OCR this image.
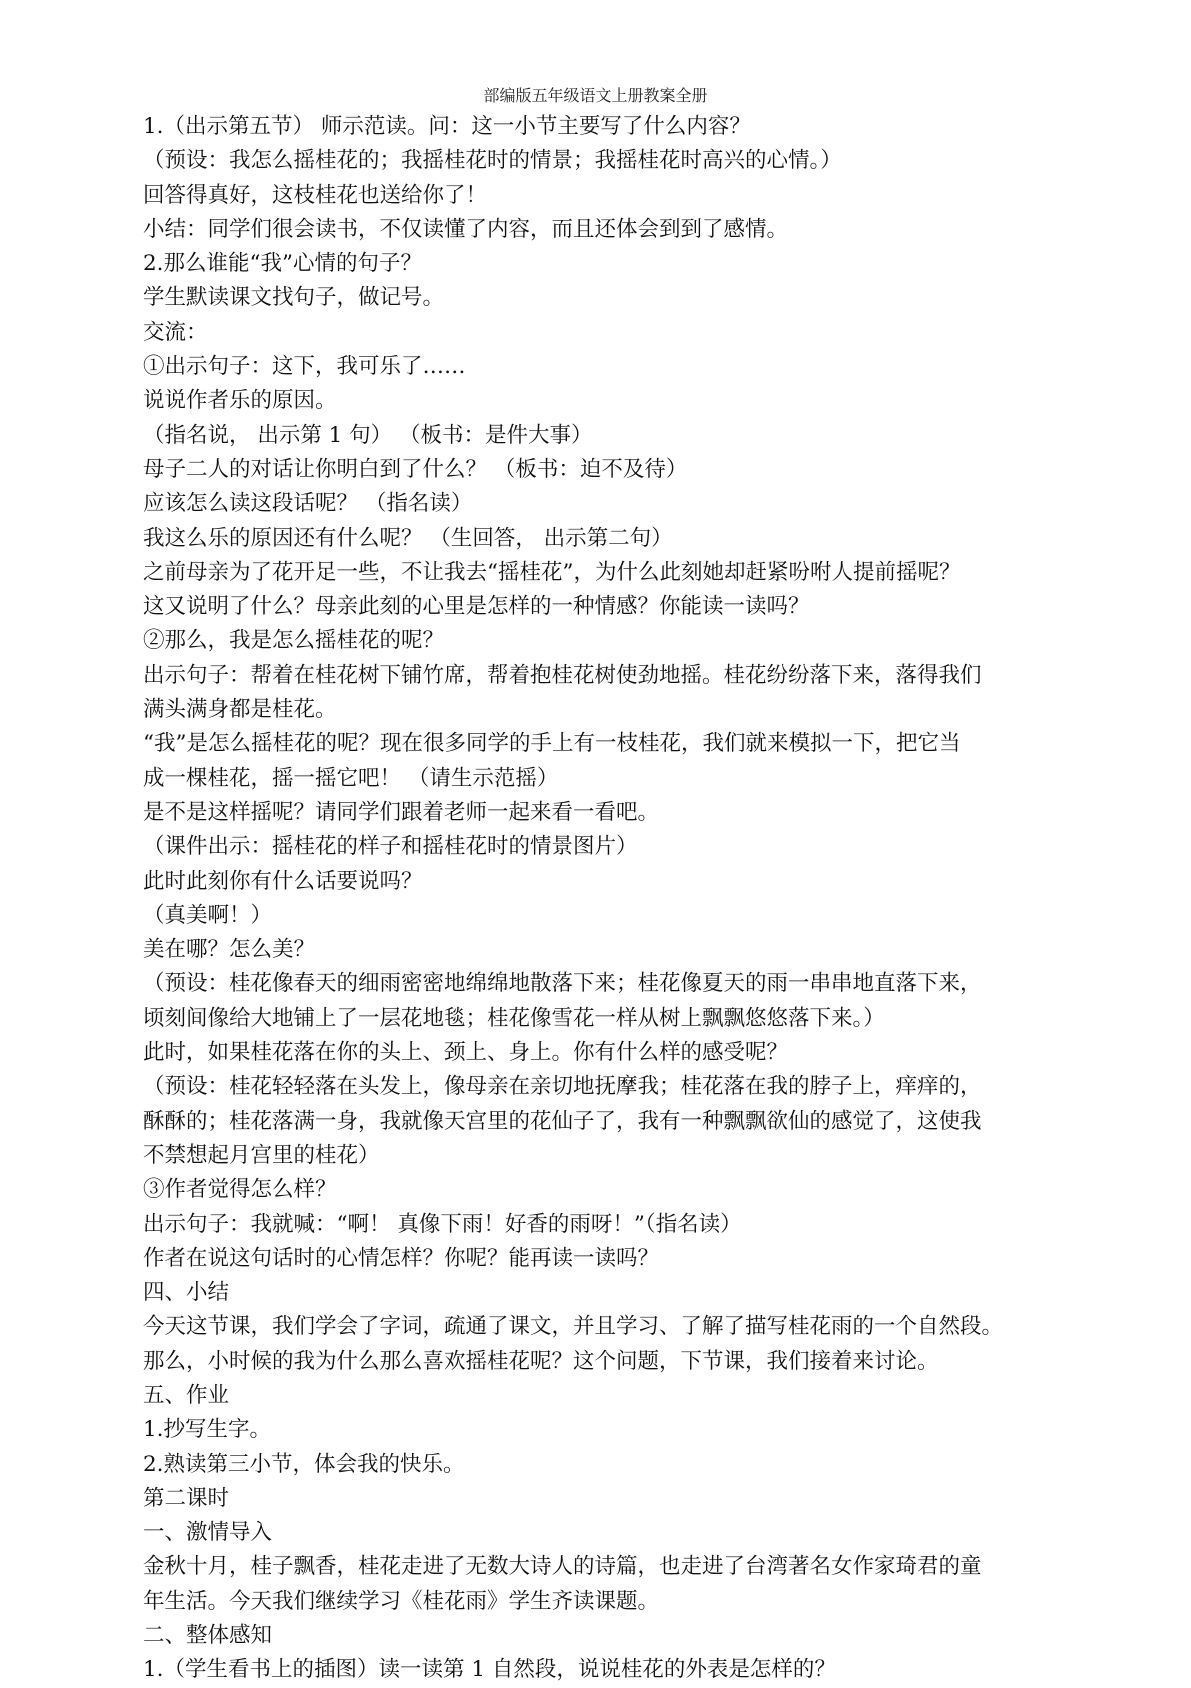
部编版五年级语文上册教案全册
1.（出示第五节） 师示范读。问：这一小节主要写了什么内容？
（预设：我怎么摇桂花的；我摇桂花时的情景；我摇桂花时高兴的心情。）
回答得真好，这枝桂花也送给你了！
小结：同学们很会读书，不仅读懂了内容，而且还体会到到了感情。
2.那么谁能“我”心情的句子？
学生默读课文找句子，做记号。
交流：
①出示句子：这下，我可乐了……
说说作者乐的原因。
（指名说， 出示第 1 句） （板书：是件大事）
母子二人的对话让你明白到了什么？ （板书：迫不及待）
应该怎么读这段话呢？ （指名读）
我这么乐的原因还有什么呢？ （生回答， 出示第二句）
之前母亲为了花开足一些，不让我去“摇桂花”，为什么此刻她却赶紧吩咐人提前摇呢？
这又说明了什么？母亲此刻的心里是怎样的一种情感？你能读一读吗？
②那么，我是怎么摇桂花的呢？
出示句子：帮着在桂花树下铺竹席，帮着抱桂花树使劲地摇。桂花纷纷落下来，落得我们
满头满身都是桂花。
“我”是怎么摇桂花的呢？现在很多同学的手上有一枝桂花，我们就来模拟一下，把它当
成一棵桂花，摇一摇它吧！ （请生示范摇）
是不是这样摇呢？请同学们跟着老师一起来看一看吧。
（课件出示：摇桂花的样子和摇桂花时的情景图片）
此时此刻你有什么话要说吗？
（真美啊！）
美在哪？怎么美？
（预设：桂花像春天的细雨密密地绵绵地散落下来；桂花像夏天的雨一串串地直落下来，
顷刻间像给大地铺上了一层花地毯；桂花像雪花一样从树上飘飘悠悠落下来。）
此时，如果桂花落在你的头上、颈上、身上。你有什么样的感受呢？
（预设：桂花轻轻落在头发上，像母亲在亲切地抚摩我；桂花落在我的脖子上，痒痒的，
酥酥的；桂花落满一身，我就像天宫里的花仙子了，我有一种飘飘欲仙的感觉了，这使我
不禁想起月宫里的桂花）
③作者觉得怎么样？
出示句子：我就喊：“啊！ 真像下雨！好香的雨呀！”（指名读）
作者在说这句话时的心情怎样？你呢？能再读一读吗？
四、小结
今天这节课，我们学会了字词，疏通了课文，并且学习、了解了描写桂花雨的一个自然段。
那么，小时候的我为什么那么喜欢摇桂花呢？这个问题，下节课，我们接着来讨论。
五、作业
1.抄写生字。
2.熟读第三小节，体会我的快乐。
第二课时
一、激情导入
金秋十月，桂子飘香，桂花走进了无数大诗人的诗篇，也走进了台湾著名女作家琦君的童
年生活。今天我们继续学习《桂花雨》学生齐读课题。
二、整体感知
1.（学生看书上的插图）读一读第 1 自然段，说说桂花的外表是怎样的？
